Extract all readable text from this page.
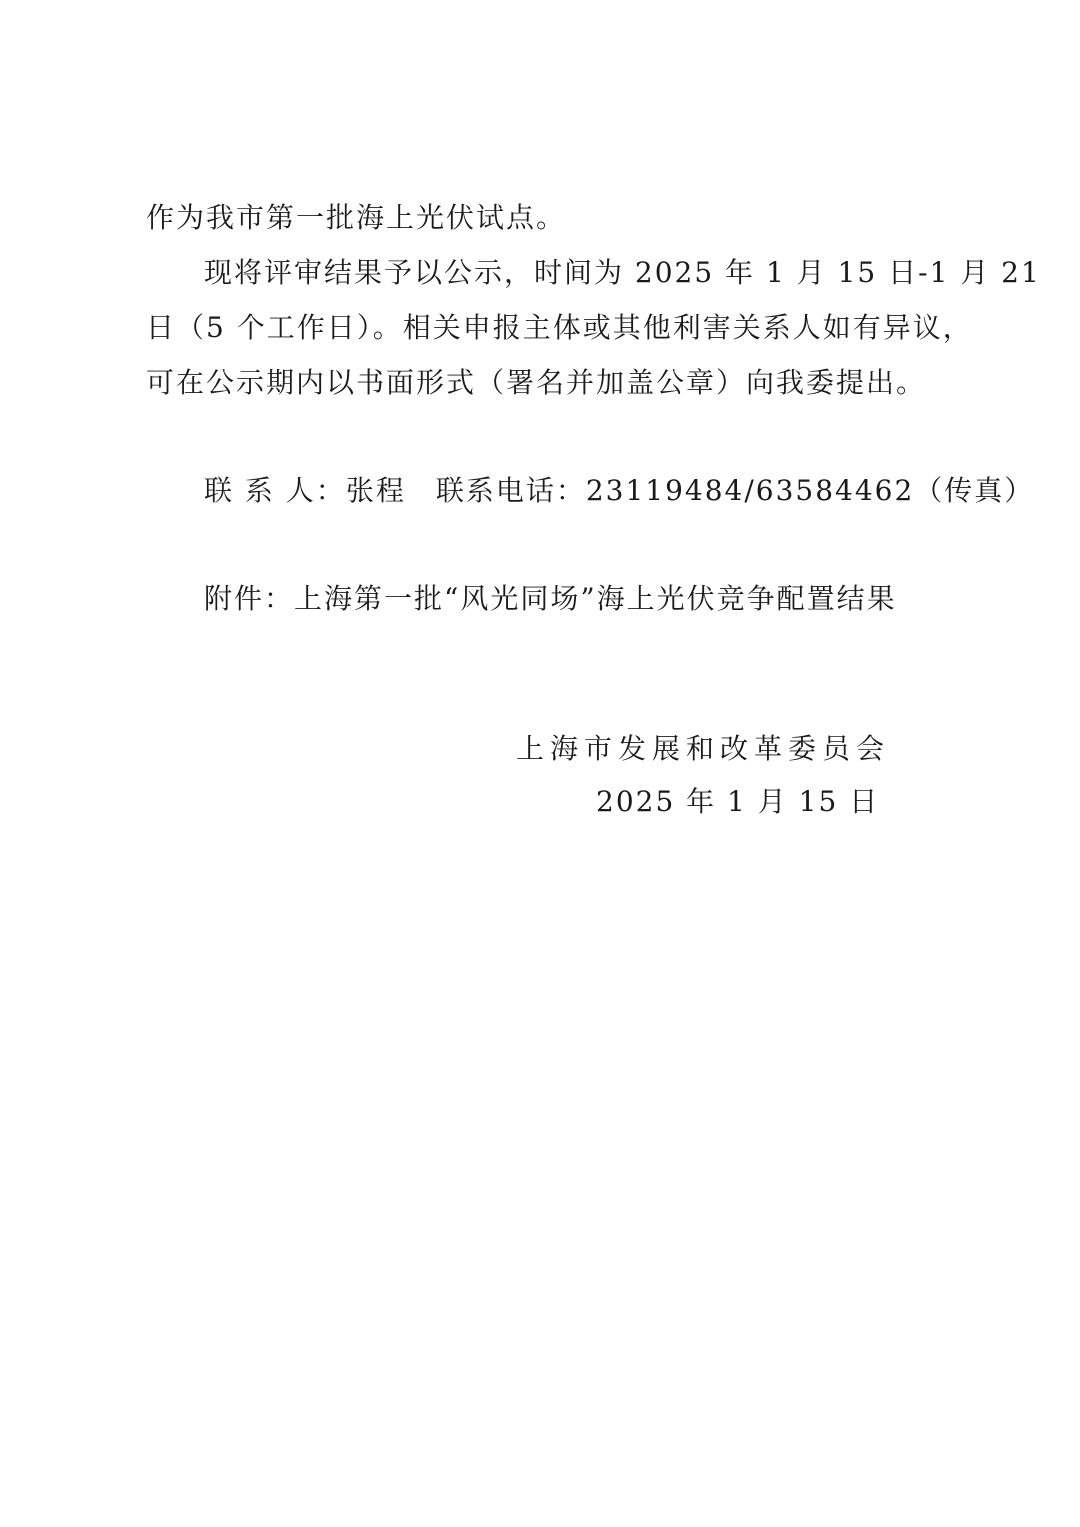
作为我市第一批海上光伏试点。
现将评审结果予以公示，时间为 2025 年 1 月 15 日-1 月 21
日（5 个工作日）。相关申报主体或其他利害关系人如有异议，
可在公示期内以书面形式（署名并加盖公章）向我委提出。
联 系 人：张程 联系电话：23119484/63584462（传真）
附件：上海第一批“风光同场”海上光伏竞争配置结果
上海市发展和改革委员会
2025 年 1 月 15 日
